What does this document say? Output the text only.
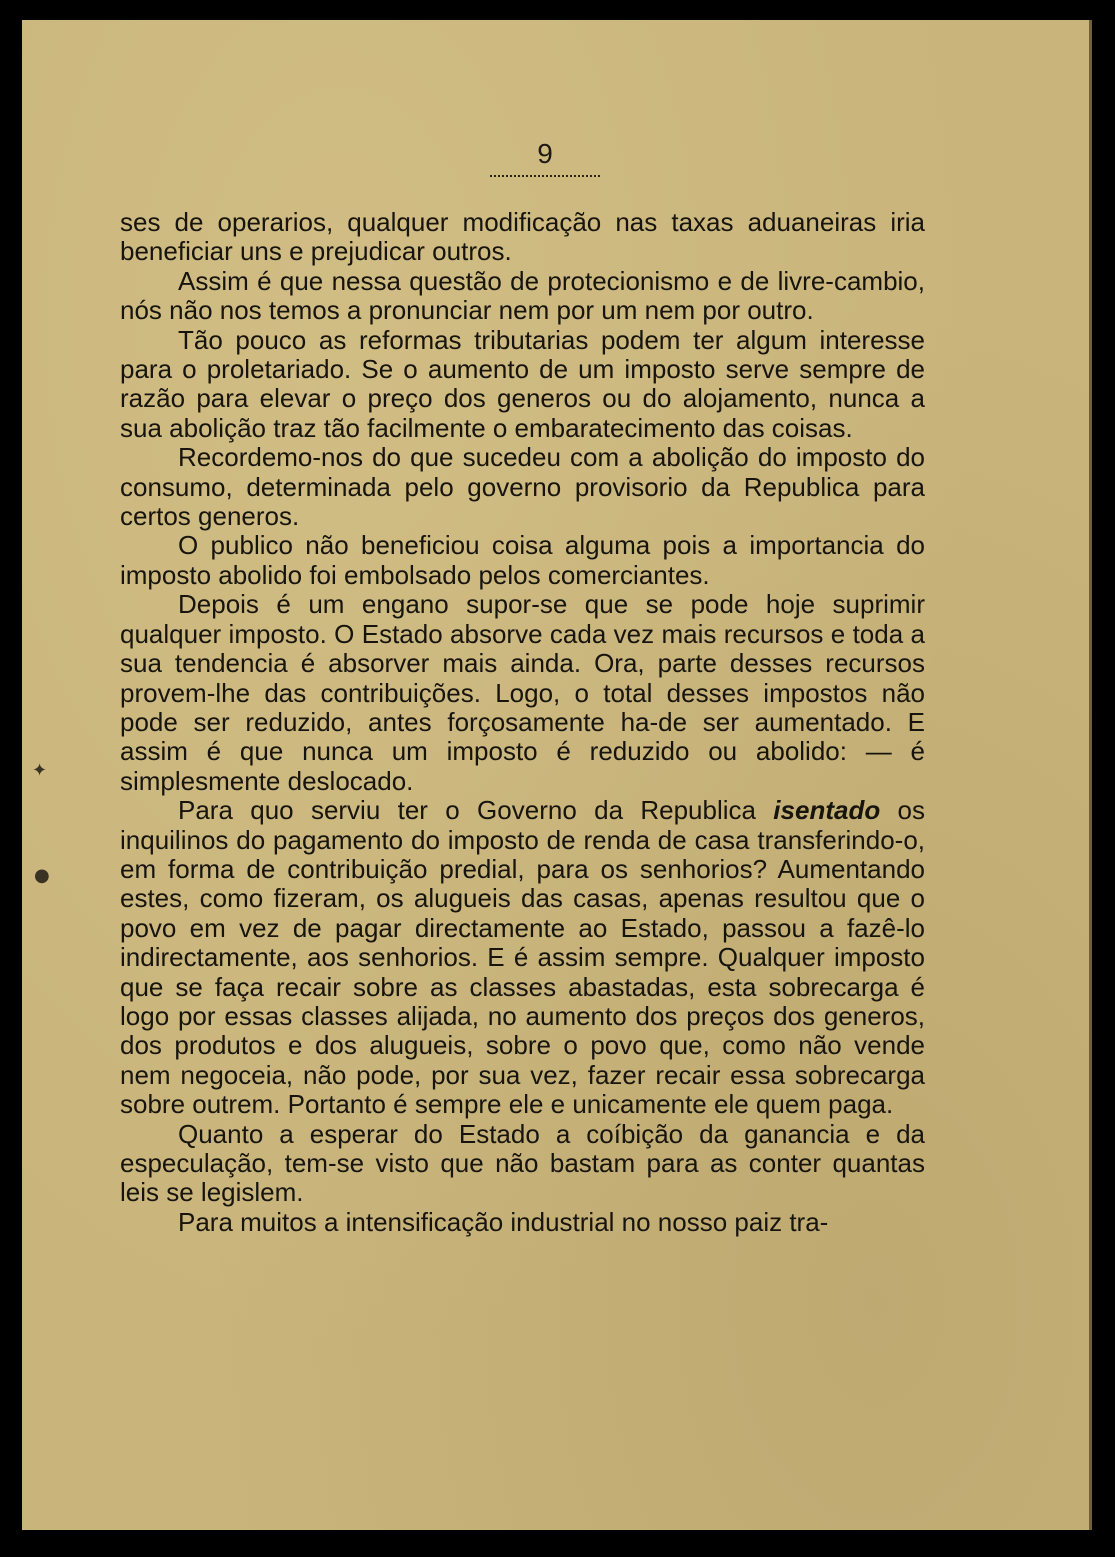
9

ses de operarios, qualquer modificação nas taxas aduaneiras iria beneficiar uns e prejudicar outros.

Assim é que nessa questão de protecionismo e de livre-cambio, nós não nos temos a pronunciar nem por um nem por outro.

Tão pouco as reformas tributarias podem ter algum interesse para o proletariado. Se o aumento de um imposto serve sempre de razão para elevar o preço dos generos ou do alojamento, nunca a sua abolição traz tão facilmente o embaratecimento das coisas.

Recordemo-nos do que sucedeu com a abolição do imposto do consumo, determinada pelo governo provisorio da Republica para certos generos.

O publico não beneficiou coisa alguma pois a importancia do imposto abolido foi embolsado pelos comerciantes.

Depois é um engano supor-se que se pode hoje suprimir qualquer imposto. O Estado absorve cada vez mais recursos e toda a sua tendencia é absorver mais ainda. Ora, parte desses recursos provem-lhe das contribuições. Logo, o total desses impostos não pode ser reduzido, antes forçosamente ha-de ser aumentado. E assim é que nunca um imposto é reduzido ou abolido: — é simplesmente deslocado.

Para quo serviu ter o Governo da Republica isentado os inquilinos do pagamento do imposto de renda de casa transferindo-o, em forma de contribuição predial, para os senhorios? Aumentando estes, como fizeram, os alugueis das casas, apenas resultou que o povo em vez de pagar directamente ao Estado, passou a fazê-lo indirectamente, aos senhorios. E é assim sempre. Qualquer imposto que se faça recair sobre as classes abastadas, esta sobrecarga é logo por essas classes alijada, no aumento dos preços dos generos, dos produtos e dos alugueis, sobre o povo que, como não vende nem negoceia, não pode, por sua vez, fazer recair essa sobrecarga sobre outrem. Portanto é sempre ele e unicamente ele quem paga.

Quanto a esperar do Estado a coíbição da ganancia e da especulação, tem-se visto que não bastam para as conter quantas leis se legislem.

Para muitos a intensificação industrial no nosso paiz tra-

✦
●
